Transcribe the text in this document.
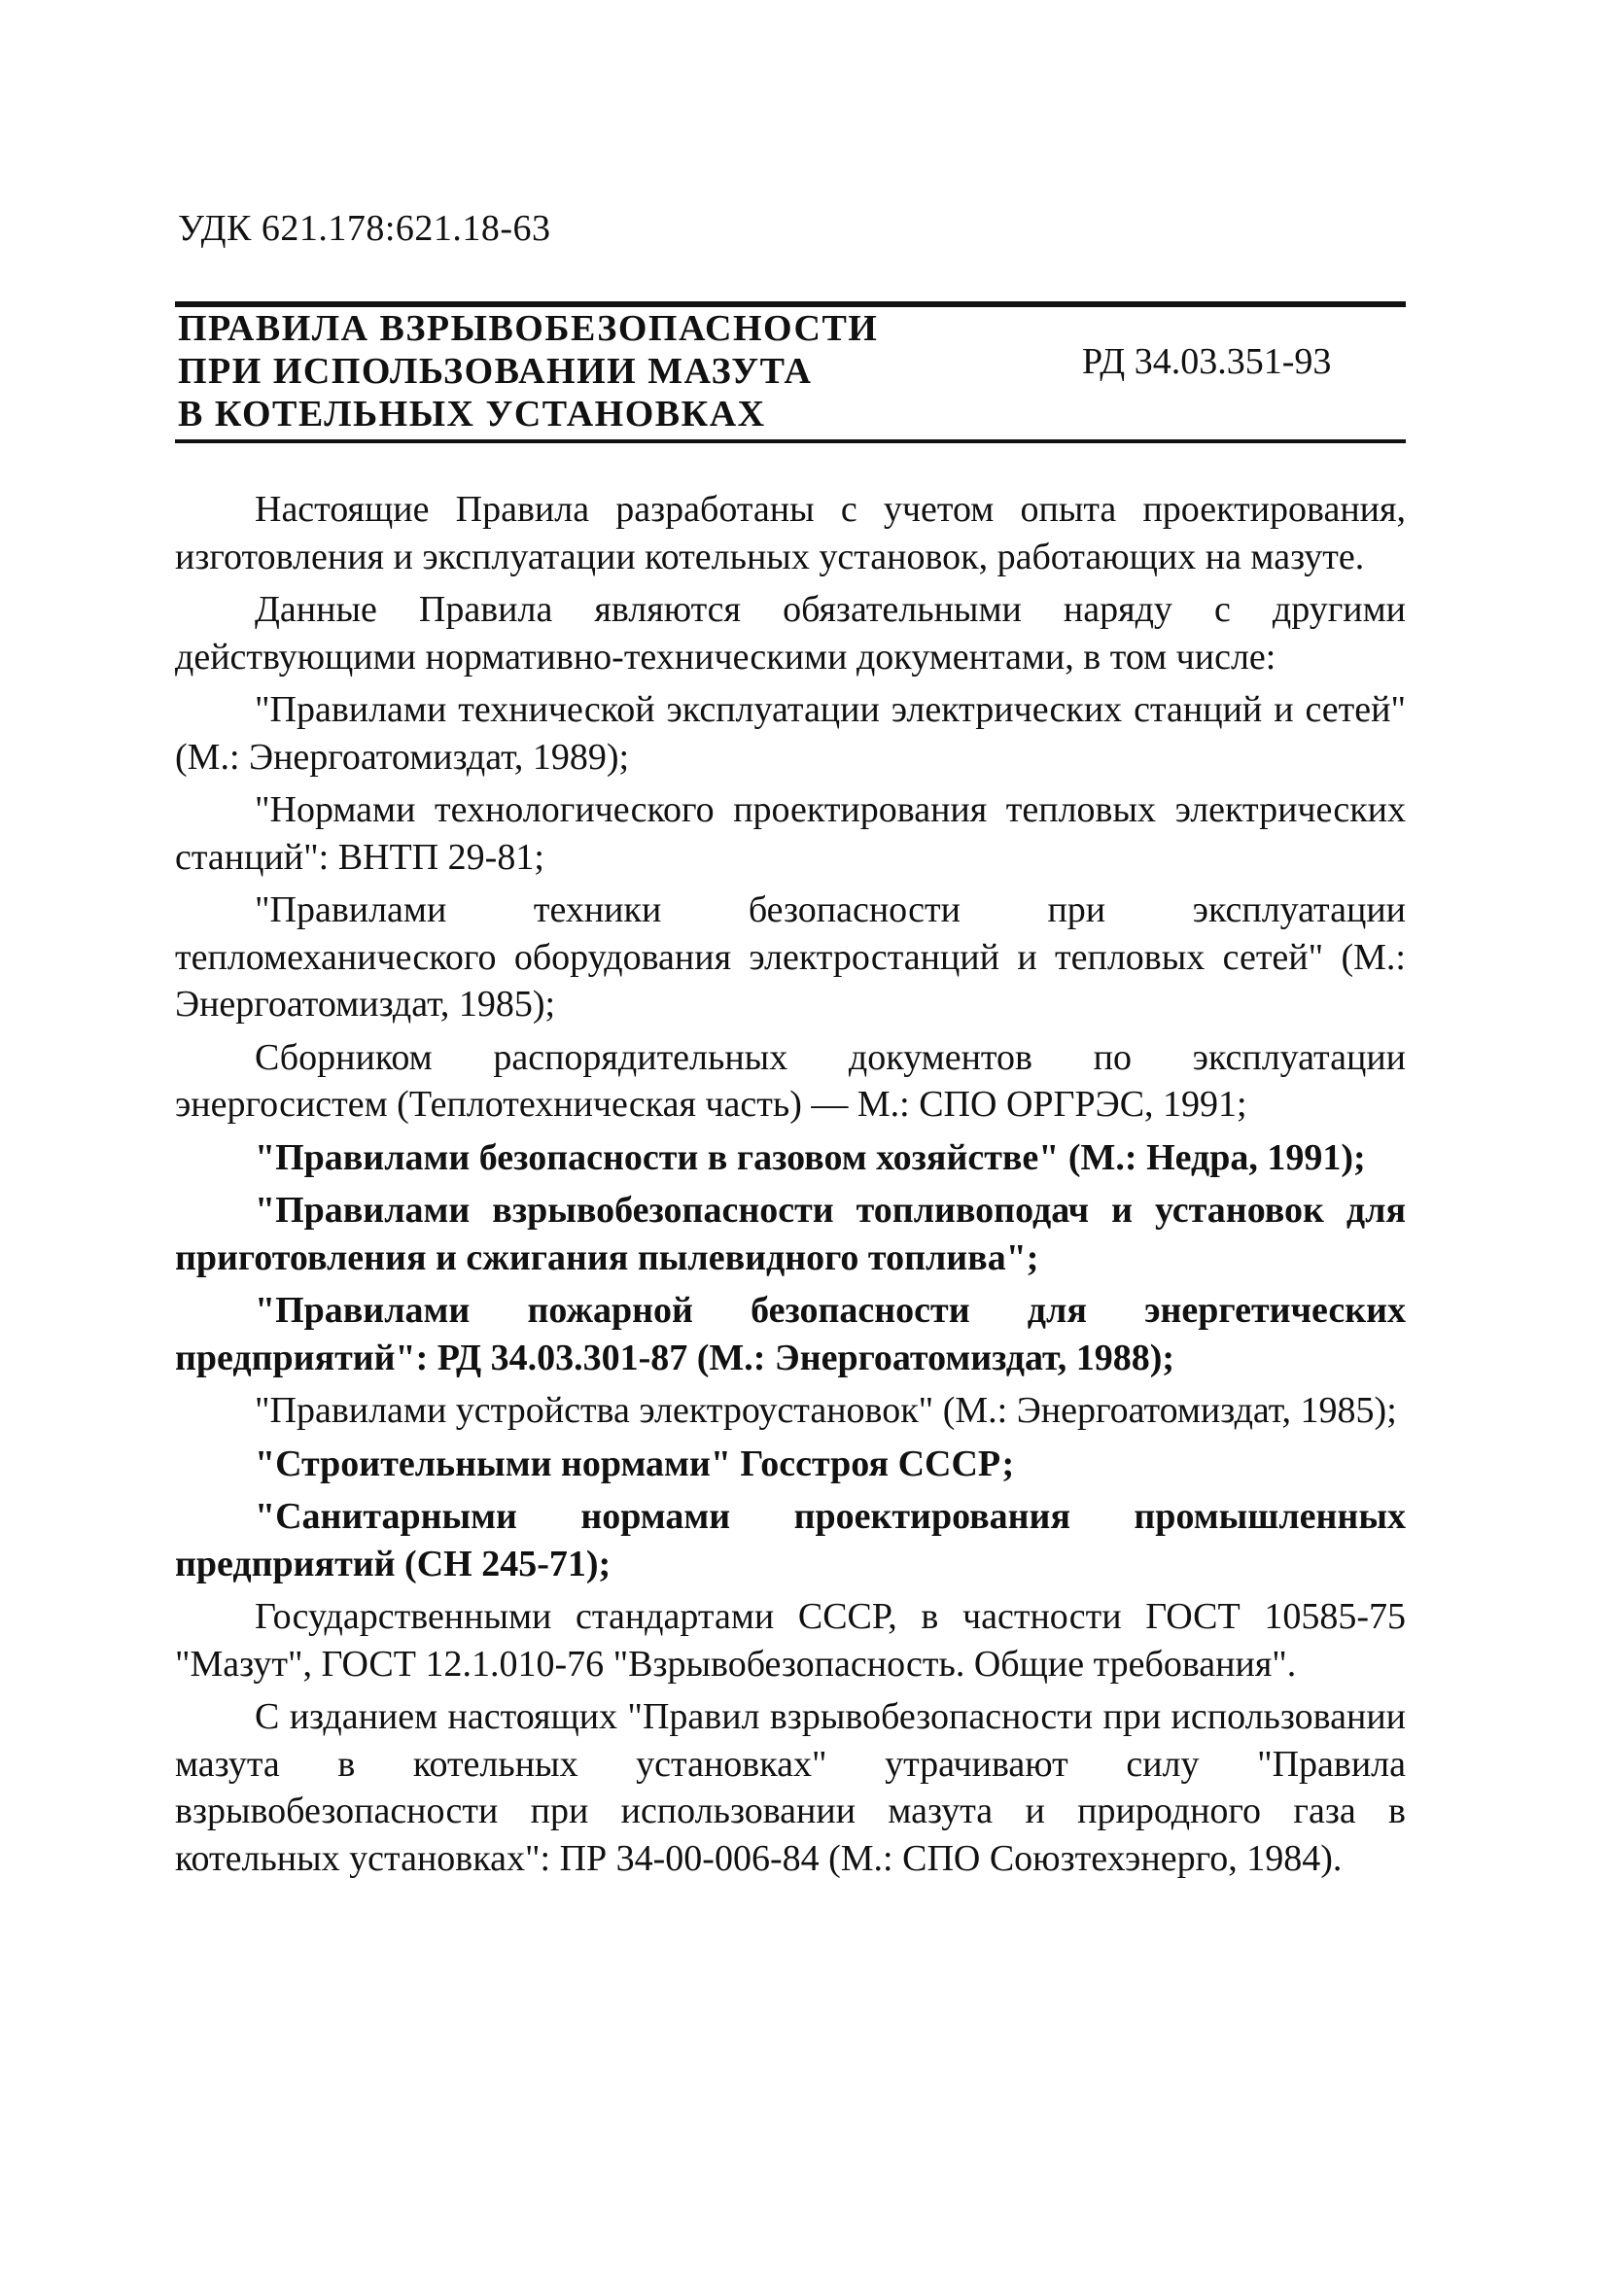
УДК 621.178:621.18-63
ПРАВИЛА ВЗРЫВОБЕЗОПАСНОСТИ
ПРИ ИСПОЛЬЗОВАНИИ МАЗУТА
В КОТЕЛЬНЫХ УСТАНОВКАХ
РД 34.03.351-93

Настоящие Правила разработаны с учетом опыта проектирования, изготовления и эксплуатации котельных установок, работающих на мазуте.

Данные Правила являются обязательными наряду с другими действующими нормативно-техническими документами, в том числе:

"Правилами технической эксплуатации электрических станций и сетей" (М.: Энергоатомиздат, 1989);

"Нормами технологического проектирования тепловых электрических станций": ВНТП 29-81;

"Правилами техники безопасности при эксплуатации тепломеханического оборудования электростанций и тепловых сетей" (М.: Энергоатомиздат, 1985);

Сборником распорядительных документов по эксплуатации энергосистем (Теплотехническая часть) — М.: СПО ОРГРЭС, 1991;

"Правилами безопасности в газовом хозяйстве" (М.: Недра, 1991);

"Правилами взрывобезопасности топливоподач и установок для приготовления и сжигания пылевидного топлива";

"Правилами пожарной безопасности для энергетических предприятий": РД 34.03.301-87 (М.: Энергоатомиздат, 1988);

"Правилами устройства электроустановок" (М.: Энергоатомиздат, 1985);

"Строительными нормами" Госстроя СССР;

"Санитарными нормами проектирования промышленных предприятий (СН 245-71);

Государственными стандартами СССР, в частности ГОСТ 10585-75 "Мазут", ГОСТ 12.1.010-76 "Взрывобезопасность. Общие требования".

С изданием настоящих "Правил взрывобезопасности при использовании мазута в котельных установках" утрачивают силу "Правила взрывобезопасности при использовании мазута и природного газа в котельных установках": ПР 34-00-006-84 (М.: СПО Союзтехэнерго, 1984).
